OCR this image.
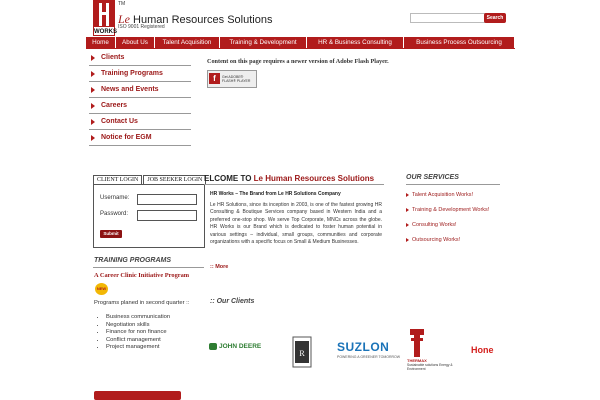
WORKS
TM
Le Human Resources Solutions
ISO 9001 Registered
Search
Home	About Us	Talent Acquisition	Training & Development	HR & Business Consulting	Business Process Outsourcing
Clients
Training Programs
News and Events
Careers
Contact Us
Notice for EGM
Content on this page requires a newer version of Adobe Flash Player.
f	Get ADOBE® FLASH® PLAYER
CLIENT LOGIN	JOB SEEKER LOGIN
Username:
Password:
Submit
TRAINING PROGRAMS
A Career Clinic Initiative Program
NEW
Programs planed in second quarter ::
• Business communication
• Negotiation skills
• Finance for non finance
• Conflict management
• Project management
ELCOME TO Le Human Resources Solutions
HR Works – The Brand from Le HR Solutions Company
Le HR Solutions, since its inception in 2003, is one of the fastest growing HR Consulting & Boutique Services company based in Western India and a preferred one-stop shop. We serve Top Corporate, MNCs across the globe. HR Works is our Brand which is dedicated to foster human potential in various settings – individual, small groups, communities and corporate organizations with a specific focus on Small & Medium Businesses.
:: More
:: Our Clients
OUR SERVICES
Talent Acquisition Works!
Training & Development Works!
Consulting Works!
Outsourcing Works!
JOHN DEERE
R	SUZLON
POWERING A GREENER TOMORROW
THERMAX
Sustainable solutions Energy & Environment
Hone
